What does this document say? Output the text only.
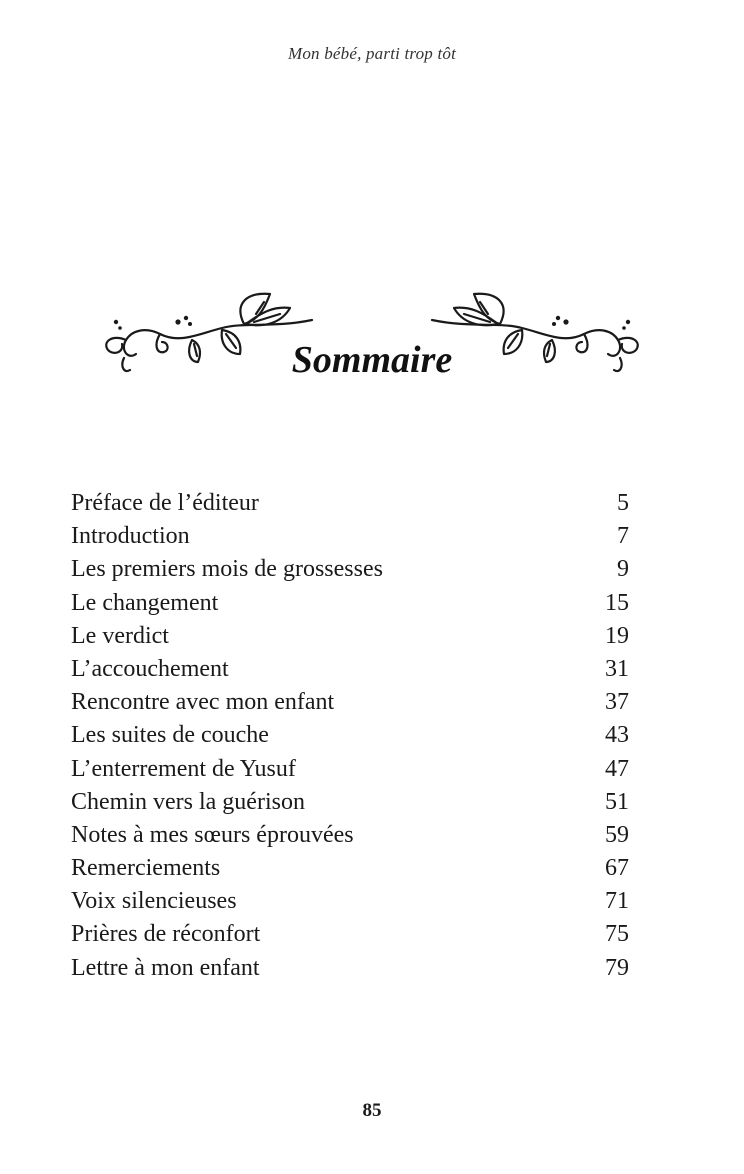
Mon bébé, parti trop tôt
Sommaire
Préface de l’éditeur	5
Introduction	7
Les premiers mois de grossesses	9
Le changement	15
Le verdict	19
L’accouchement	31
Rencontre avec mon enfant	37
Les suites de couche	43
L’enterrement de Yusuf	47
Chemin vers la guérison	51
Notes à mes sœurs éprouvées	59
Remerciements	67
Voix silencieuses	71
Prières de réconfort	75
Lettre à mon enfant	79
85
